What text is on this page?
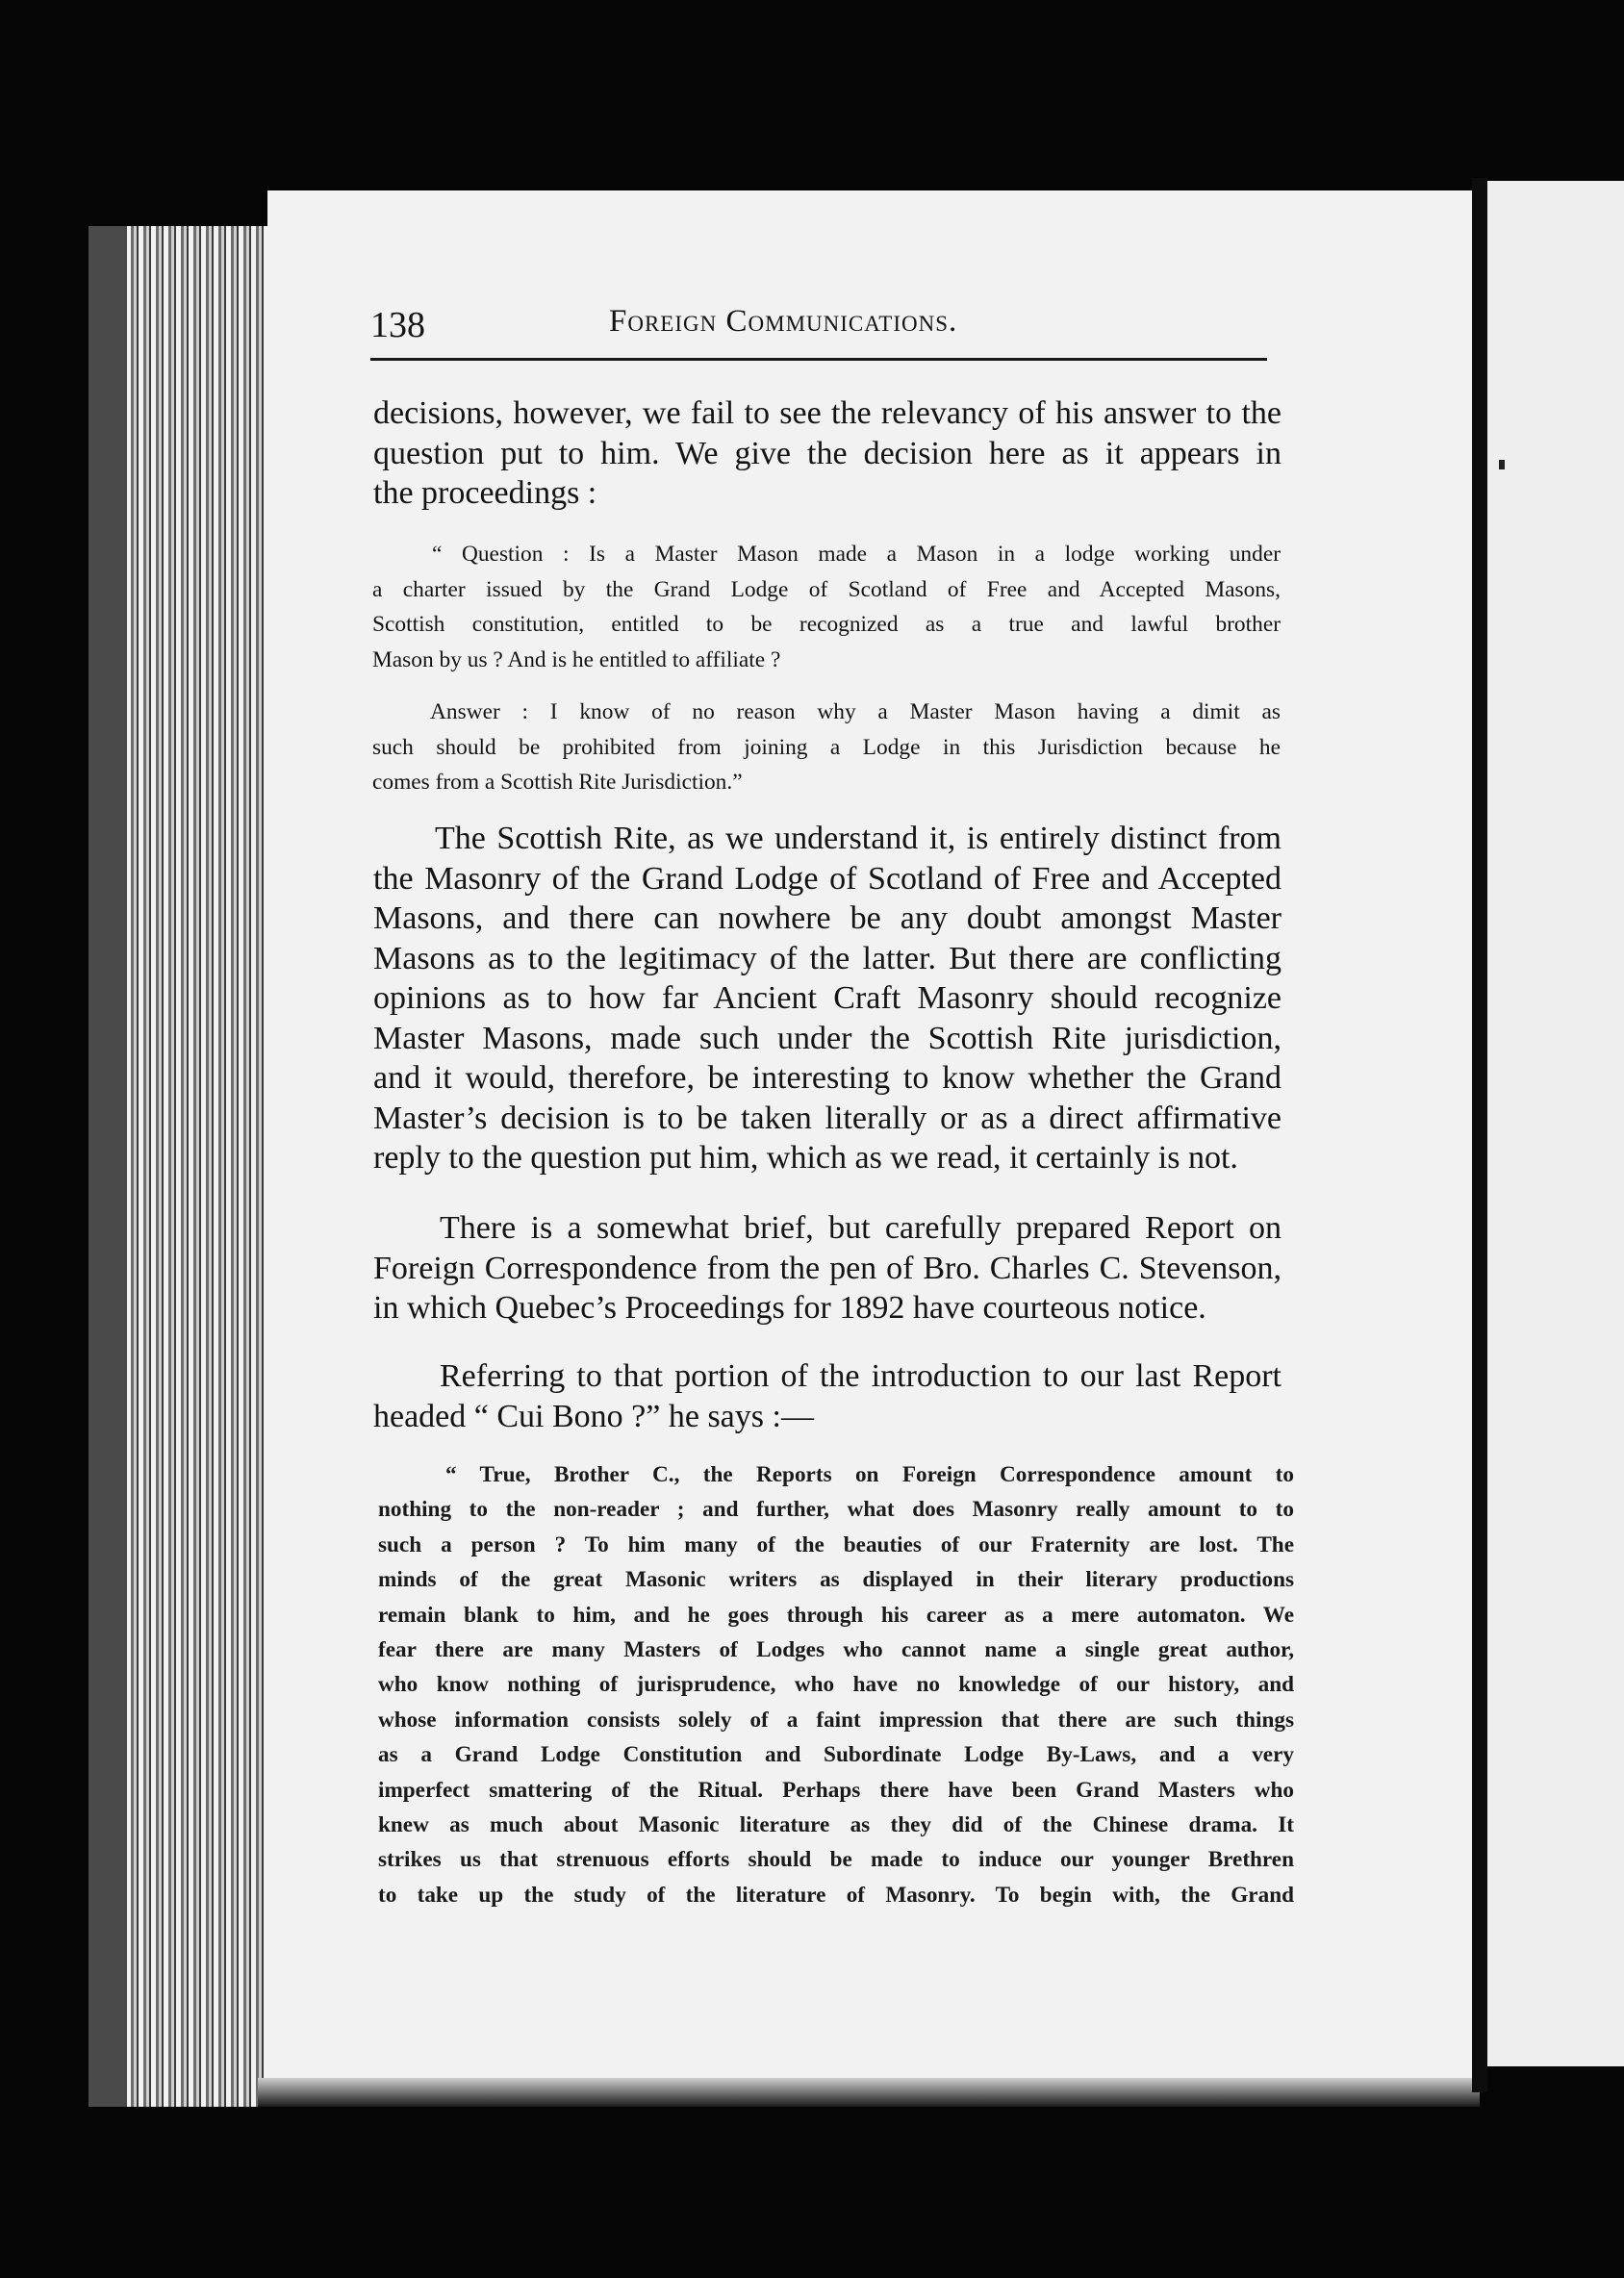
138	Foreign Communications.
decisions, however, we fail to see the relevancy of his answer to the
question put to him. We give the decision here as it appears in
the proceedings :
“ Question : Is a Master Mason made a Mason in a lodge working under
a charter issued by the Grand Lodge of Scotland of Free and Accepted Masons,
Scottish constitution, entitled to be recognized as a true and lawful brother
Mason by us ? And is he entitled to affiliate ?
Answer : I know of no reason why a Master Mason having a dimit as
such should be prohibited from joining a Lodge in this Jurisdiction because he
comes from a Scottish Rite Jurisdiction.”
The Scottish Rite, as we understand it, is entirely distinct from
the Masonry of the Grand Lodge of Scotland of Free and Accepted
Masons, and there can nowhere be any doubt amongst Master
Masons as to the legitimacy of the latter. But there are conflicting
opinions as to how far Ancient Craft Masonry should recognize
Master Masons, made such under the Scottish Rite jurisdiction,
and it would, therefore, be interesting to know whether the Grand
Master’s decision is to be taken literally or as a direct affirmative
reply to the question put him, which as we read, it certainly is not.
There is a somewhat brief, but carefully prepared Report on
Foreign Correspondence from the pen of Bro. Charles C. Stevenson,
in which Quebec’s Proceedings for 1892 have courteous notice.
Referring to that portion of the introduction to our last Report
headed “ Cui Bono ?” he says :—
“ True, Brother C., the Reports on Foreign Correspondence amount to
nothing to the non-reader ; and further, what does Masonry really amount to to
such a person ? To him many of the beauties of our Fraternity are lost. The
minds of the great Masonic writers as displayed in their literary productions
remain blank to him, and he goes through his career as a mere automaton. We
fear there are many Masters of Lodges who cannot name a single great author,
who know nothing of jurisprudence, who have no knowledge of our history, and
whose information consists solely of a faint impression that there are such things
as a Grand Lodge Constitution and Subordinate Lodge By-Laws, and a very
imperfect smattering of the Ritual. Perhaps there have been Grand Masters who
knew as much about Masonic literature as they did of the Chinese drama. It
strikes us that strenuous efforts should be made to induce our younger Brethren
to take up the study of the literature of Masonry. To begin with, the Grand
